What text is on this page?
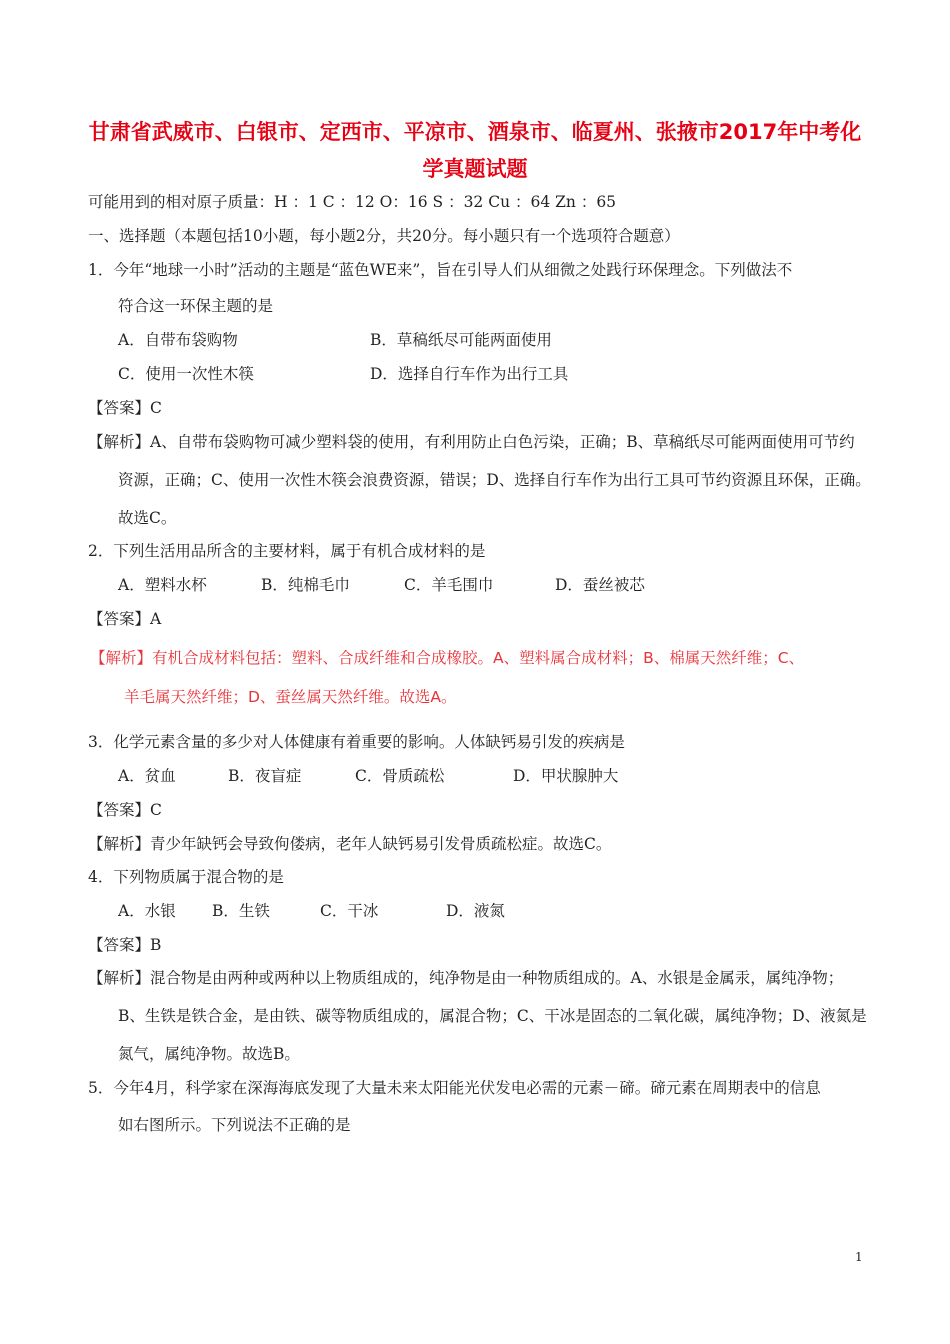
甘肃省武威市、白银市、定西市、平凉市、酒泉市、临夏州、张掖市2017年中考化
学真题试题
可能用到的相对原子质量：H ：1 C ：12 O：16 S ：32 Cu ：64 Zn ：65
一、选择题（本题包括10小题，每小题2分，共20分。每小题只有一个选项符合题意）
1．今年“地球一小时”活动的主题是“蓝色WE来”，旨在引导人们从细微之处践行环保理念。下列做法不
符合这一环保主题的是
A．自带布袋购物	B．草稿纸尽可能两面使用
C．使用一次性木筷	D．选择自行车作为出行工具
【答案】C
【解析】A、自带布袋购物可减少塑料袋的使用，有利用防止白色污染，正确；B、草稿纸尽可能两面使用可节约
资源，正确；C、使用一次性木筷会浪费资源，错误；D、选择自行车作为出行工具可节约资源且环保，正确。
故选C。
2．下列生活用品所含的主要材料，属于有机合成材料的是
A．塑料水杯	B．纯棉毛巾	C．羊毛围巾	D．蚕丝被芯
【答案】A
【解析】有机合成材料包括：塑料、合成纤维和合成橡胶。A、塑料属合成材料；B、棉属天然纤维；C、
羊毛属天然纤维；D、蚕丝属天然纤维。故选A。
3．化学元素含量的多少对人体健康有着重要的影响。人体缺钙易引发的疾病是
A．贫血	B．夜盲症	C．骨质疏松	D．甲状腺肿大
【答案】C
【解析】青少年缺钙会导致佝偻病，老年人缺钙易引发骨质疏松症。故选C。
4．下列物质属于混合物的是
A．水银 B．生铁	C．干冰	D．液氮
【答案】B
【解析】混合物是由两种或两种以上物质组成的，纯净物是由一种物质组成的。A、水银是金属汞，属纯净物；
B、生铁是铁合金，是由铁、碳等物质组成的，属混合物；C、干冰是固态的二氧化碳，属纯净物；D、液氮是
氮气，属纯净物。故选B。
5．今年4月，科学家在深海海底发现了大量未来太阳能光伏发电必需的元素－碲。碲元素在周期表中的信息
如右图所示。下列说法不正确的是
1
